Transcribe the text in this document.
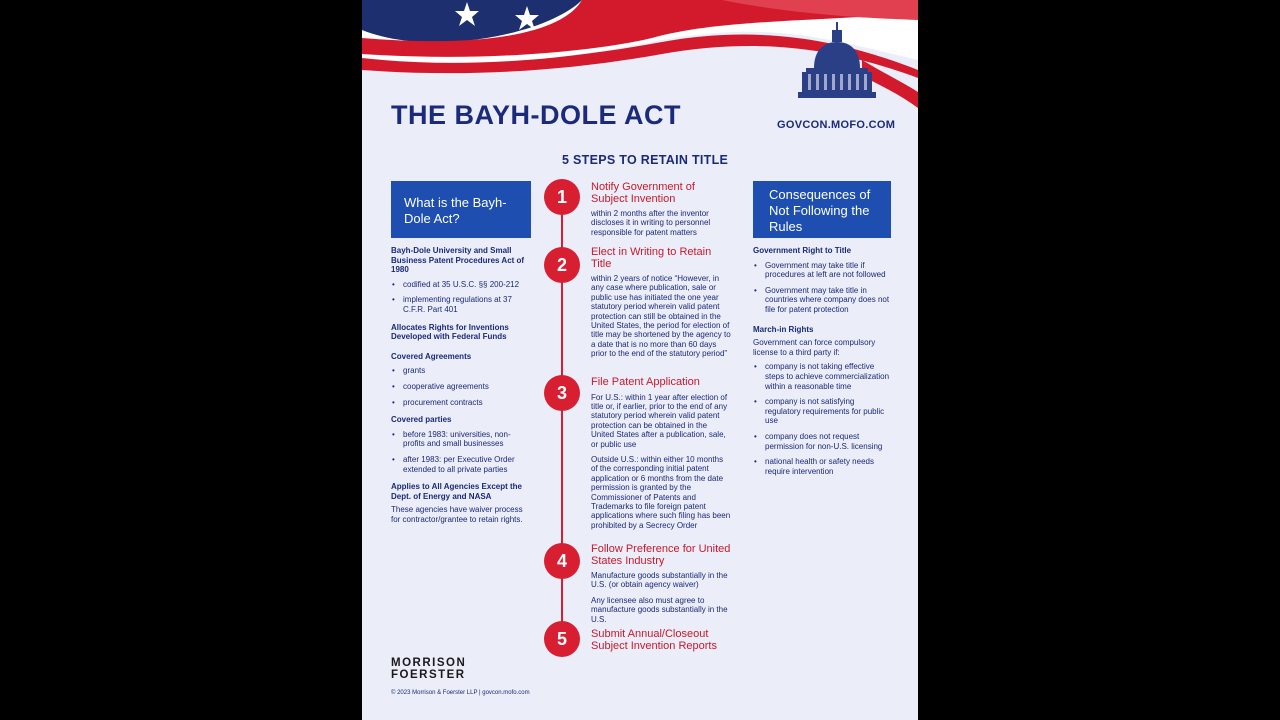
THE BAYH-DOLE ACT	GOVCON.MOFO.COM
5 STEPS TO RETAIN TITLE
What is the Bayh-Dole Act?
Bayh-Dole University and Small Business Patent Procedures Act of 1980
• codified at 35 U.S.C. §§ 200-212
• implementing regulations at 37 C.F.R. Part 401
Allocates Rights for Inventions Developed with Federal Funds
Covered Agreements
• grants
• cooperative agreements
• procurement contracts
Covered parties
• before 1983: universities, non-profits and small businesses
• after 1983: per Executive Order extended to all private parties
Applies to All Agencies Except the Dept. of Energy and NASA
These agencies have waiver process for contractor/grantee to retain rights.
1	Notify Government of Subject Invention
within 2 months after the inventor discloses it in writing to personnel responsible for patent matters
2
Elect in Writing to Retain Title
within 2 years of notice “However, in any case where publication, sale or public use has initiated the one year statutory period wherein valid patent protection can still be obtained in the United States, the period for election of title may be shortened by the agency to a date that is no more than 60 days prior to the end of the statutory period”
3
File Patent Application
For U.S.: within 1 year after election of title or, if earlier, prior to the end of any statutory period wherein valid patent protection can be obtained in the United States after a publication, sale, or public use
Outside U.S.: within either 10 months of the corresponding initial patent application or 6 months from the date permission is granted by the Commissioner of Patents and Trademarks to file foreign patent applications where such filing has been prohibited by a Secrecy Order
4
Follow Preference for United States Industry
Manufacture goods substantially in the U.S. (or obtain agency waiver)
Any licensee also must agree to manufacture goods substantially in the U.S.
5	Submit Annual/Closeout Subject Invention Reports
Consequences of Not Following the Rules
Government Right to Title
• Government may take title if procedures at left are not followed
• Government may take title in countries where company does not file for patent protection
March-in Rights
Government can force compulsory license to a third party if:
• company is not taking effective steps to achieve commercialization within a reasonable time
• company is not satisfying regulatory requirements for public use
• company does not request permission for non-U.S. licensing
• national health or safety needs require intervention
MORRISON
FOERSTER
© 2023 Morrison & Foerster LLP | govcon.mofo.com
